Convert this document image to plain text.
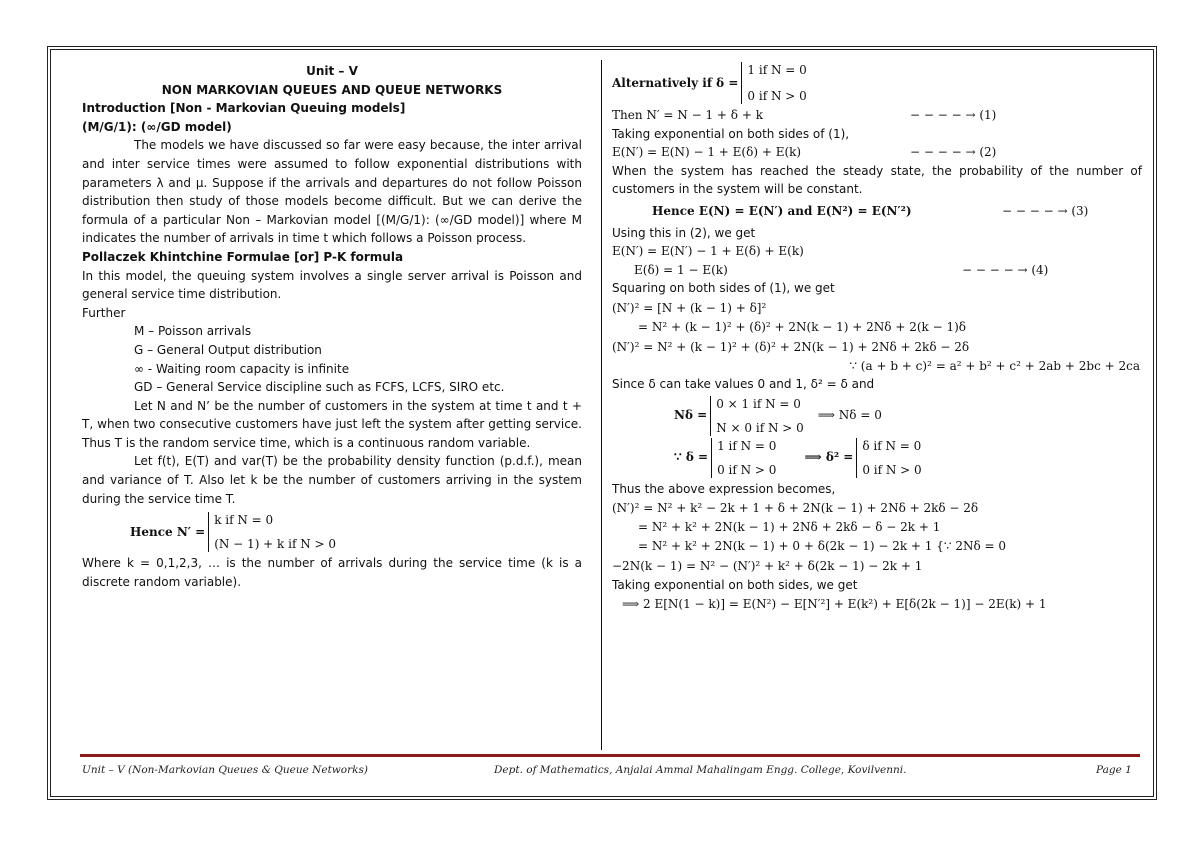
Unit – V

NON MARKOVIAN QUEUES AND QUEUE NETWORKS

Introduction [Non - Markovian Queuing models]

(M/G/1): (∞/GD model)

The models we have discussed so far were easy because, the inter arrival and inter service times were assumed to follow exponential distributions with parameters λ and μ. Suppose if the arrivals and departures do not follow Poisson distribution then study of those models become difficult. But we can derive the formula of a particular Non – Markovian model [(M/G/1): (∞/GD model)] where M indicates the number of arrivals in time t which follows a Poisson process.

Pollaczek Khintchine Formulae [or] P-K formula

In this model, the queuing system involves a single server arrival is Poisson and general service time distribution.

Further

M – Poisson arrivals

G – General Output distribution

∞ - Waiting room capacity is infinite

GD – General Service discipline such as FCFS, LCFS, SIRO etc.

Let N and N’ be the number of customers in the system at time t and t + T, when two consecutive customers have just left the system after getting service. Thus T is the random service time, which is a continuous random variable.

Let f(t), E(T) and var(T) be the probability density function (p.d.f.), mean and variance of T. Also let k be the number of customers arriving in the system during the service time T.

Hence N′ =
k if N = 0
(N − 1) + k if N > 0

Where k = 0,1,2,3, … is the number of arrivals during the service time (k is a discrete random variable).

Alternatively if δ =
1 if N = 0
0 if N > 0
Then N′ = N − 1 + δ + k	− − − − → (1)

Taking exponential on both sides of (1),

E(N′) = E(N) − 1 + E(δ) + E(k)	− − − − → (2)

When the system has reached the steady state, the probability of the number of customers in the system will be constant.

Hence E(N) = E(N′) and E(N²) = E(N′²)	− − − − → (3)

Using this in (2), we get

E(N′) = E(N′) − 1 + E(δ) + E(k)

E(δ) = 1 − E(k)	− − − − → (4)

Squaring on both sides of (1), we get

(N′)² = [N + (k − 1) + δ]²

= N² + (k − 1)² + (δ)² + 2N(k − 1) + 2Nδ + 2(k − 1)δ

(N′)² = N² + (k − 1)² + (δ)² + 2N(k − 1) + 2Nδ + 2kδ − 2δ

∵ (a + b + c)² = a² + b² + c² + 2ab + 2bc + 2ca

Since δ can take values 0 and 1, δ² = δ and

Nδ =
0 × 1 if N = 0
N × 0 if N > 0
⟹ Nδ = 0
∵ δ =
1 if N = 0
0 if N > 0
⟹ δ² =
δ if N = 0
0 if N > 0

Thus the above expression becomes,

(N′)² = N² + k² − 2k + 1 + δ + 2N(k − 1) + 2Nδ + 2kδ − 2δ

= N² + k² + 2N(k − 1) + 2Nδ + 2kδ − δ − 2k + 1

= N² + k² + 2N(k − 1) + 0 + δ(2k − 1) − 2k + 1 {∵ 2Nδ = 0

−2N(k − 1) = N² − (N′)² + k² + δ(2k − 1) − 2k + 1

Taking exponential on both sides, we get

⟹ 2 E[N(1 − k)] = E(N²) − E[N′²] + E(k²) + E[δ(2k − 1)] − 2E(k) + 1

Unit – V (Non-Markovian Queues & Queue Networks)	Dept. of Mathematics, Anjalai Ammal Mahalingam Engg. College, Kovilvenni.	Page 1
